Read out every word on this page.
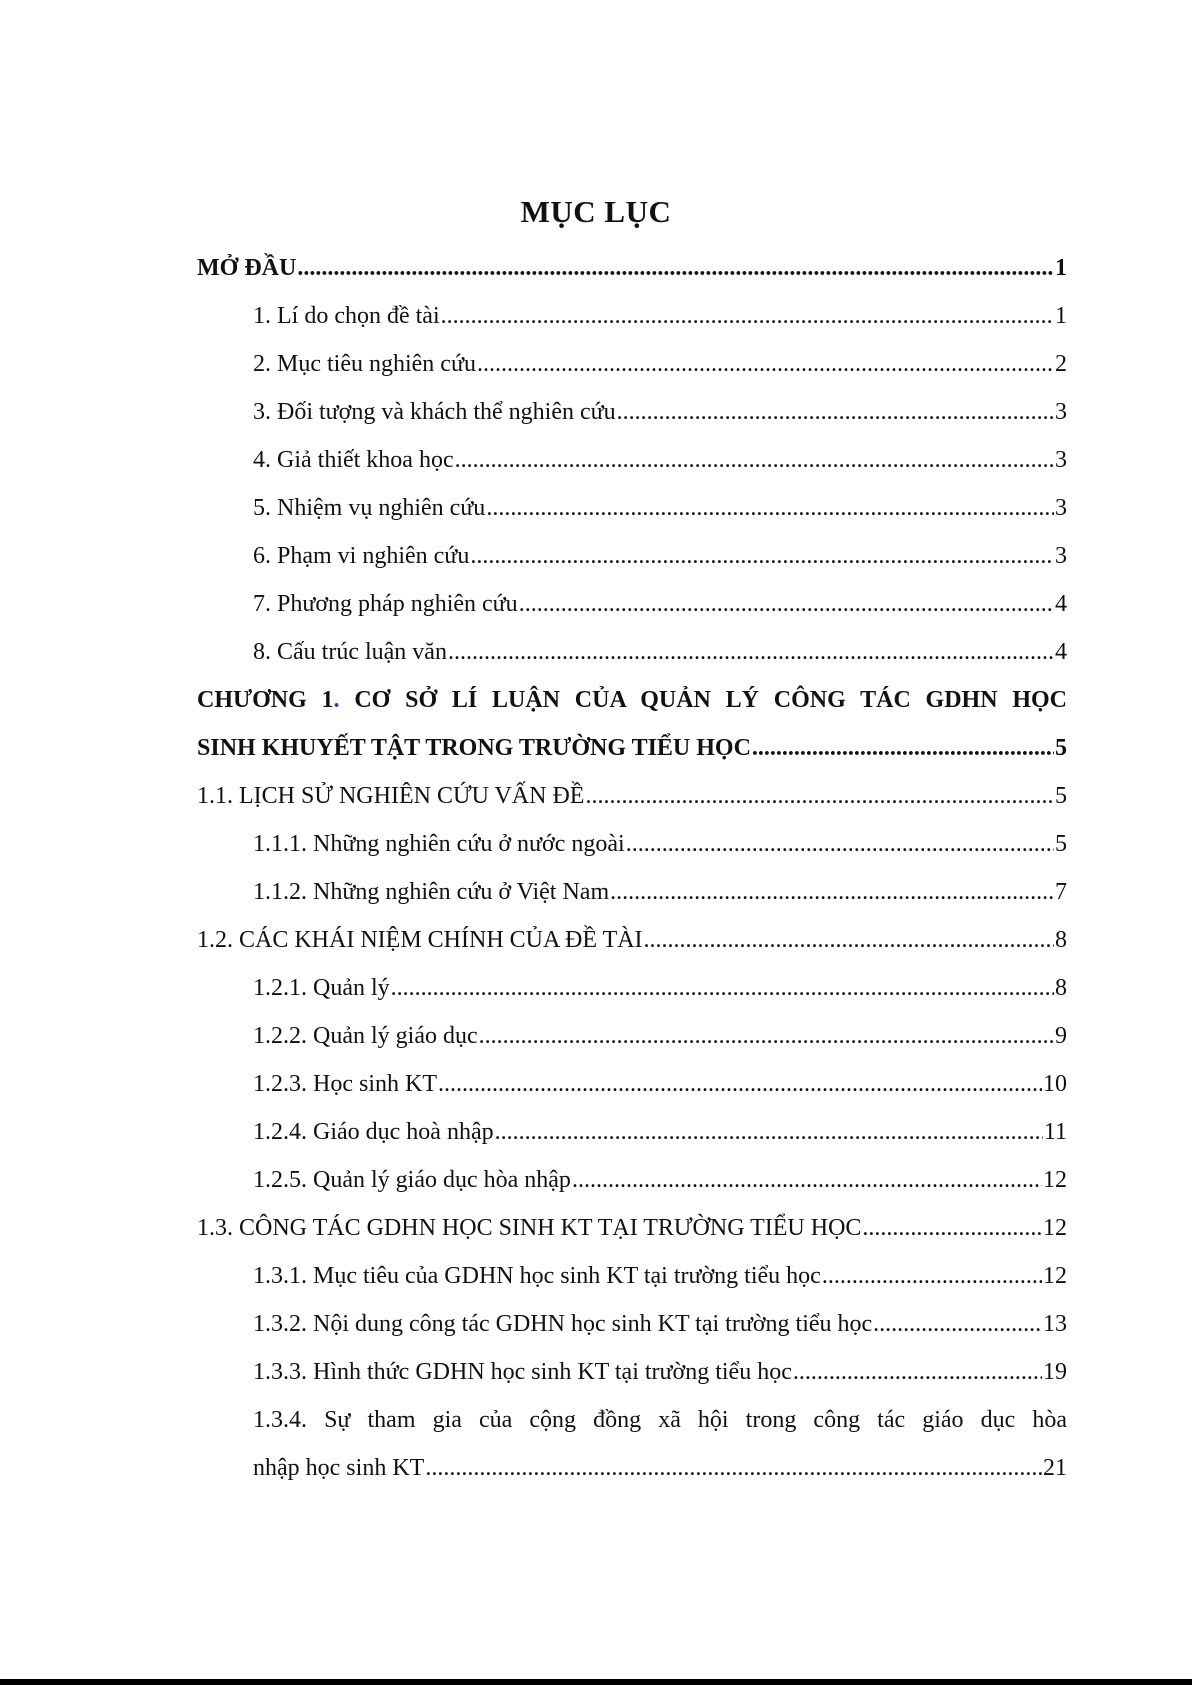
MỤC LỤC
MỞ ĐẦU .....	1
1. Lí do chọn đề tài .....	1
2. Mục tiêu nghiên cứu .....	2
3. Đối tượng và khách thể nghiên cứu .....	3
4. Giả thiết khoa học .....	3
5. Nhiệm vụ nghiên cứu .....	3
6. Phạm vi nghiên cứu .....	3
7. Phương pháp nghiên cứu .....	4
8. Cấu trúc luận văn .....	4
CHƯƠNG 1. CƠ SỞ LÍ LUẬN CỦA QUẢN LÝ CÔNG TÁC GDHN HỌC
SINH KHUYẾT TẬT TRONG TRƯỜNG TIỂU HỌC .....	5
1.1. LỊCH SỬ NGHIÊN CỨU VẤN ĐỀ .....	5
1.1.1. Những nghiên cứu ở nước ngoài .....	5
1.1.2. Những nghiên cứu ở Việt Nam .....	7
1.2. CÁC KHÁI NIỆM CHÍNH CỦA ĐỀ TÀI .....	8
1.2.1. Quản lý .....	8
1.2.2. Quản lý giáo dục .....	9
1.2.3. Học sinh KT .....	10
1.2.4. Giáo dục hoà nhập .....	11
1.2.5. Quản lý giáo dục hòa nhập .....	12
1.3. CÔNG TÁC GDHN HỌC SINH KT TẠI TRƯỜNG TIỂU HỌC .....	12
1.3.1. Mục tiêu của GDHN học sinh KT tại trường tiểu học .....	12
1.3.2. Nội dung công tác GDHN học sinh KT tại trường tiểu học .....	13
1.3.3. Hình thức GDHN học sinh KT tại trường tiểu học .....	19
1.3.4. Sự tham gia của cộng đồng xã hội trong công tác giáo dục hòa
nhập học sinh KT .....	21
